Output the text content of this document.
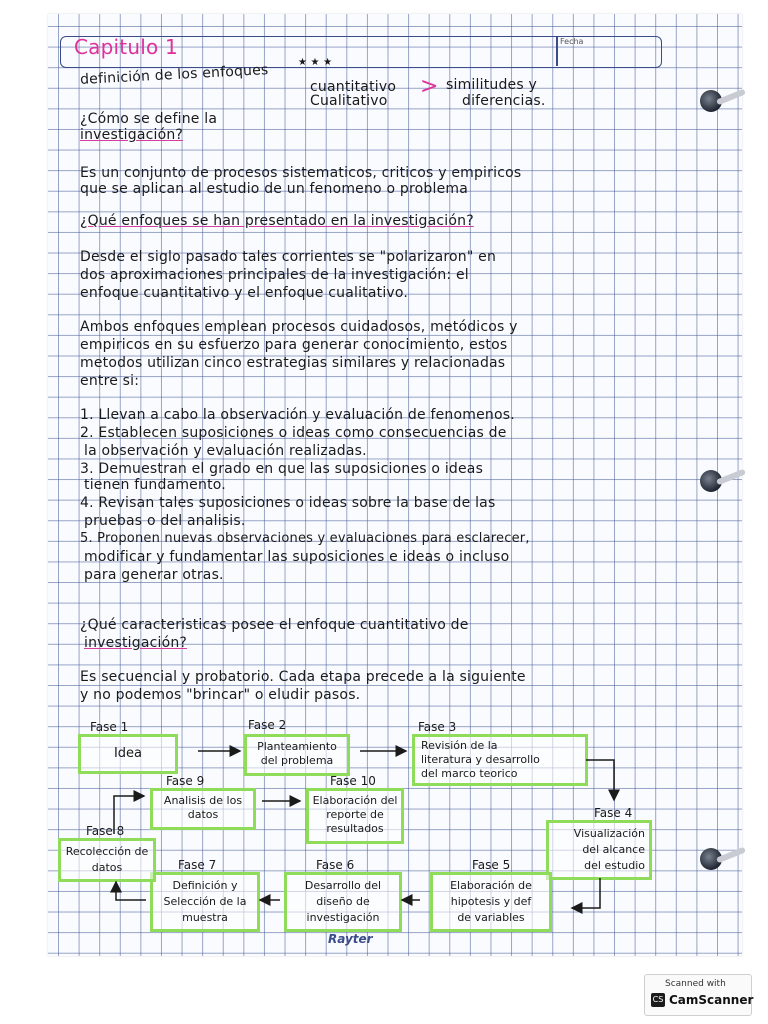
Fecha
Capitulo 1
definición de los enfoques	★ ★ ★
cuantitativo
Cualitativo
> similitudes y
diferencias.
¿Cómo se define la
investigación?
Es un conjunto de procesos sistematicos, criticos y empiricos
que se aplican al estudio de un fenomeno o problema
¿Qué enfoques se han presentado en la investigación?
Desde el siglo pasado tales corrientes se "polarizaron" en
dos aproximaciones principales de la investigación: el
enfoque cuantitativo y el enfoque cualitativo.
Ambos enfoques emplean procesos cuidadosos, metódicos y
empiricos en su esfuerzo para generar conocimiento, estos
metodos utilizan cinco estrategias similares y relacionadas
entre si:
1. Llevan a cabo la observación y evaluación de fenomenos.
2. Establecen suposiciones o ideas como consecuencias de
la observación y evaluación realizadas.
3. Demuestran el grado en que las suposiciones o ideas
tienen fundamento.
4. Revisan tales suposiciones o ideas sobre la base de las
pruebas o del analisis.
5. Proponen nuevas observaciones y evaluaciones para esclarecer,
modificar y fundamentar las suposiciones e ideas o incluso
para generar otras.
¿Qué caracteristicas posee el enfoque cuantitativo de
investigación?
Es secuencial y probatorio. Cada etapa precede a la siguiente
y no podemos "brincar" o eludir pasos.
Fase 1
Idea
Fase 2
Planteamiento
del problema
Fase 3
Revisión de la
literatura y desarrollo
del marco teorico
Fase 4
Visualización
del alcance
del estudio
Fase 5
Elaboración de
hipotesis y def
de variables
Fase 6
Desarrollo del
diseño de
investigación
Fase 7
Definición y
Selección de la
muestra
Fase 8
Recolección de
datos
Fase 9
Analisis de los
datos
Fase 10
Elaboración del
reporte de
resultados
Rayter
Scanned with
CS CamScanner
